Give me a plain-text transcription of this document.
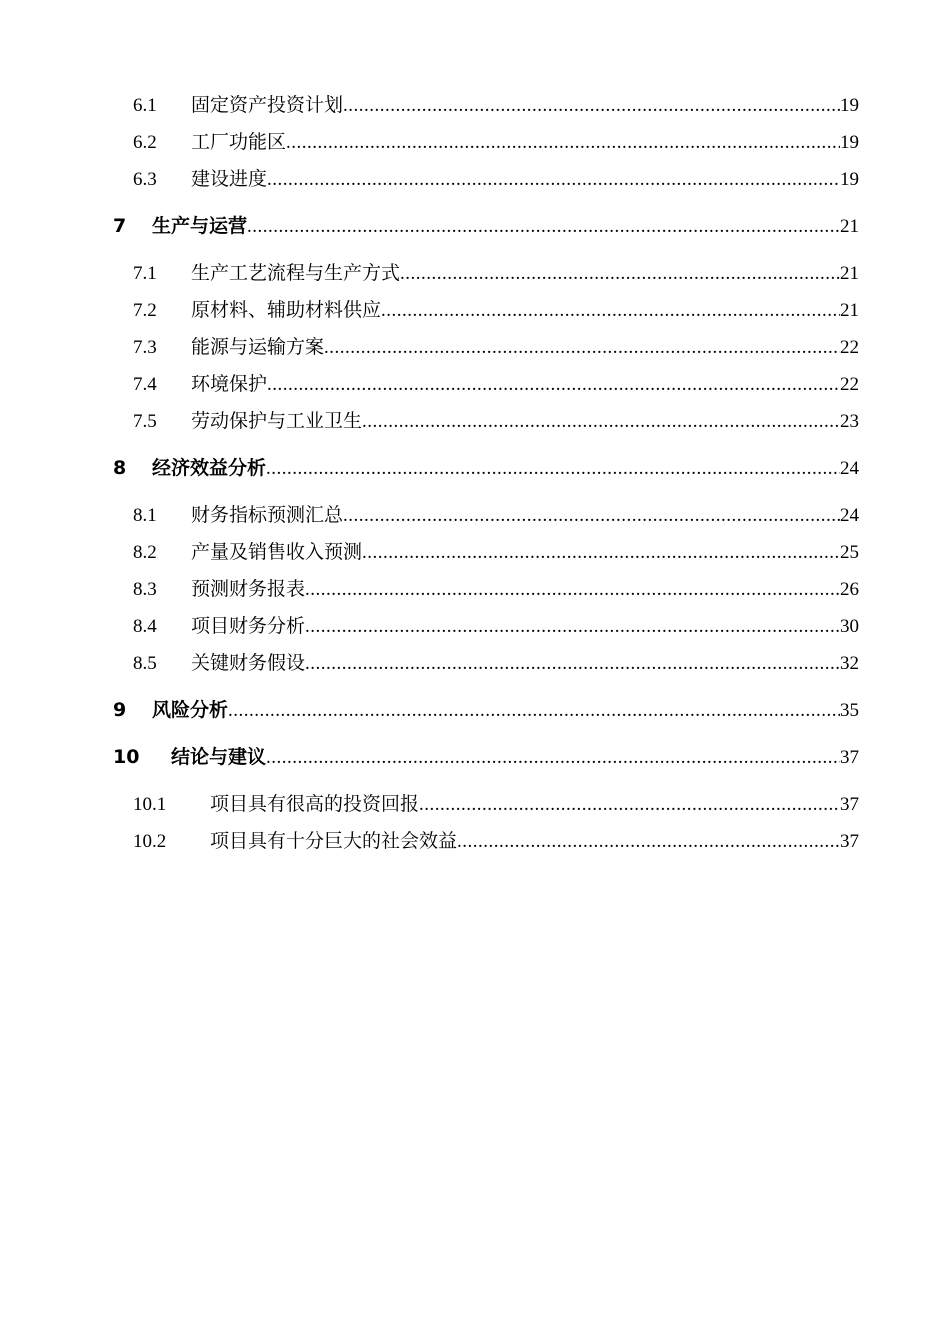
6.1	固定资产投资计划 .....	19
6.2	工厂功能区 .....	19
6.3	建设进度 .....	19
7	生产与运营 .....	21
7.1	生产工艺流程与生产方式 .....	21
7.2	原材料、辅助材料供应 .....	21
7.3	能源与运输方案 .....	22
7.4	环境保护 .....	22
7.5	劳动保护与工业卫生 .....	23
8	经济效益分析 .....	24
8.1	财务指标预测汇总 .....	24
8.2	产量及销售收入预测 .....	25
8.3	预测财务报表 .....	26
8.4	项目财务分析 .....	30
8.5	关键财务假设 .....	32
9	风险分析 .....	35
10	结论与建议 .....	37
10.1	项目具有很高的投资回报 .....	37
10.2	项目具有十分巨大的社会效益 .....	37
